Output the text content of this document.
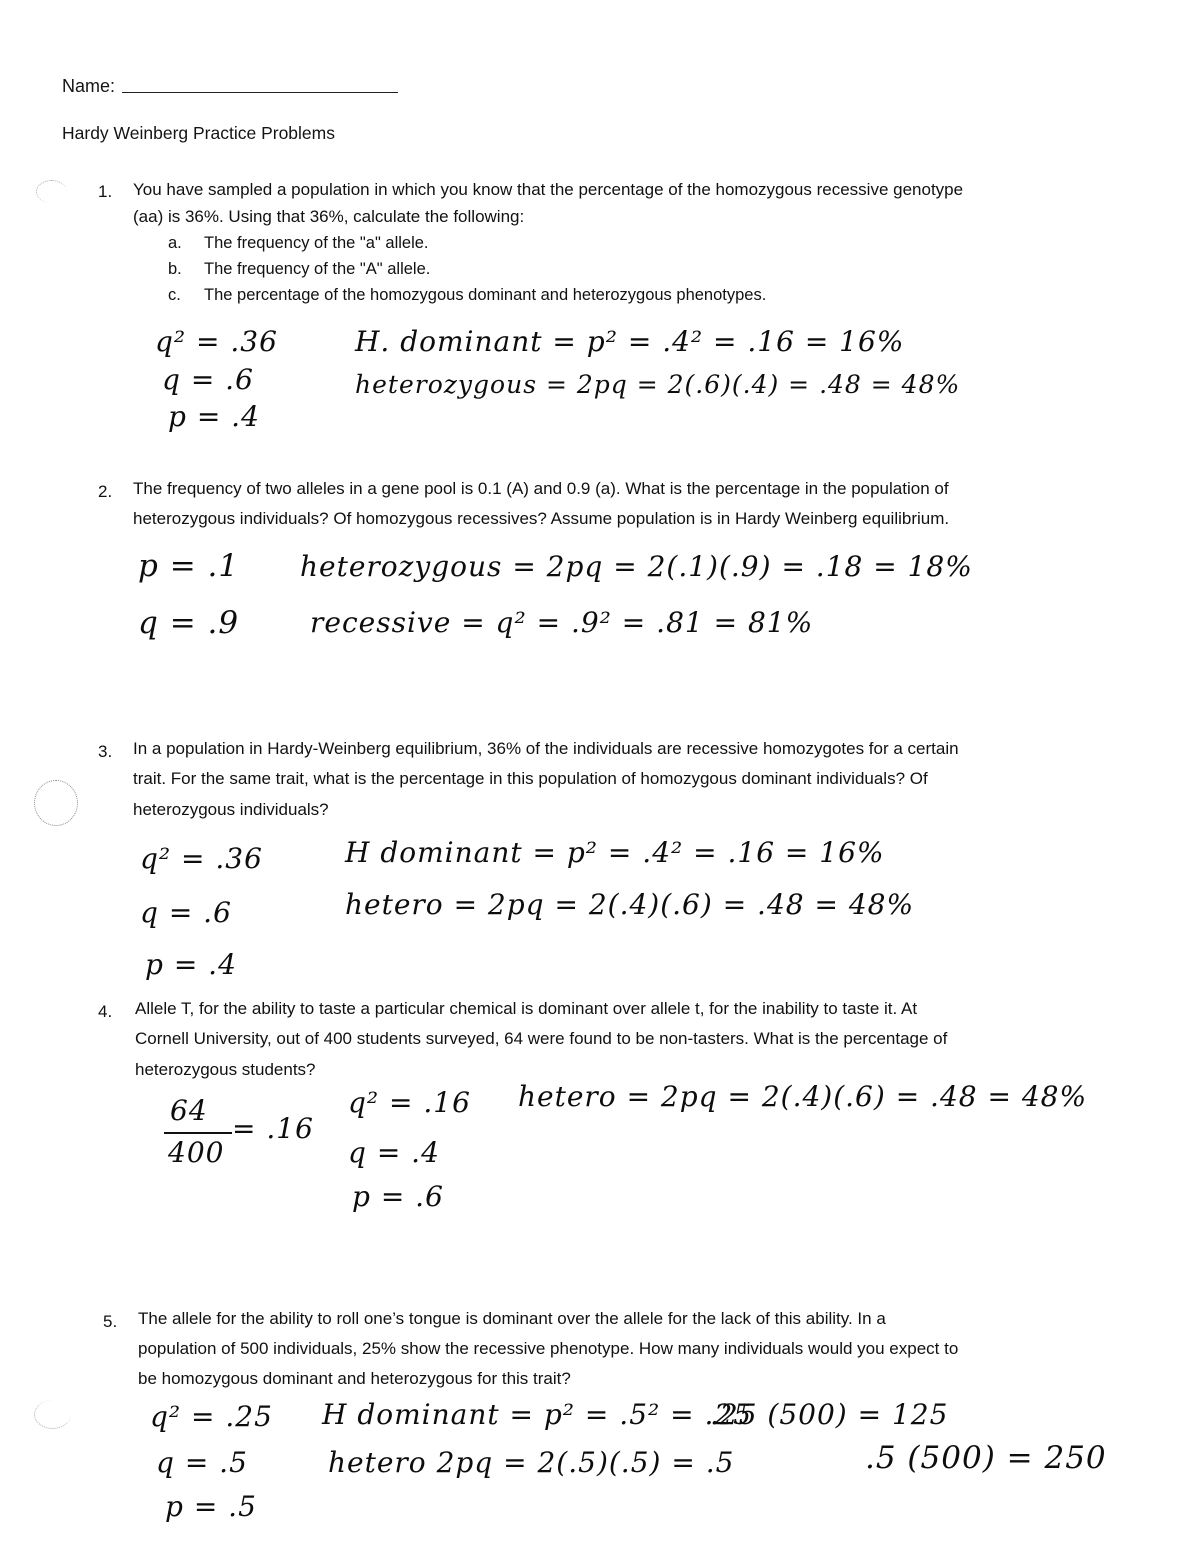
Name:
Hardy Weinberg Practice Problems
1. You have sampled a population in which you know that the percentage of the homozygous recessive genotype
(aa) is 36%. Using that 36%, calculate the following:
a. The frequency of the "a" allele.
b. The frequency of the "A" allele.
c. The percentage of the homozygous dominant and heterozygous phenotypes.
q² = .36
q = .6
p = .4
H. dominant = p² = .4² = .16 = 16%
heterozygous = 2pq = 2(.6)(.4) = .48 = 48%
2. The frequency of two alleles in a gene pool is 0.1 (A) and 0.9 (a). What is the percentage in the population of
heterozygous individuals? Of homozygous recessives? Assume population is in Hardy Weinberg equilibrium.
p = .1
q = .9
heterozygous = 2pq = 2(.1)(.9) = .18 = 18%
recessive = q² = .9² = .81 = 81%
3. In a population in Hardy-Weinberg equilibrium, 36% of the individuals are recessive homozygotes for a certain
trait. For the same trait, what is the percentage in this population of homozygous dominant individuals? Of
heterozygous individuals?
q² = .36
q = .6
p = .4
H dominant = p² = .4² = .16 = 16%
hetero = 2pq = 2(.4)(.6) = .48 = 48%
4. Allele T, for the ability to taste a particular chemical is dominant over allele t, for the inability to taste it. At
Cornell University, out of 400 students surveyed, 64 were found to be non-tasters. What is the percentage of
heterozygous students?
64
400
= .16
q² = .16
q = .4
p = .6
hetero = 2pq = 2(.4)(.6) = .48 = 48%
5. The allele for the ability to roll one’s tongue is dominant over the allele for the lack of this ability. In a
population of 500 individuals, 25% show the recessive phenotype. How many individuals would you expect to
be homozygous dominant and heterozygous for this trait?
q² = .25
q = .5
p = .5
H dominant = p² = .5² = .25
hetero 2pq = 2(.5)(.5) = .5
.25 (500) = 125
.5 (500) = 250
